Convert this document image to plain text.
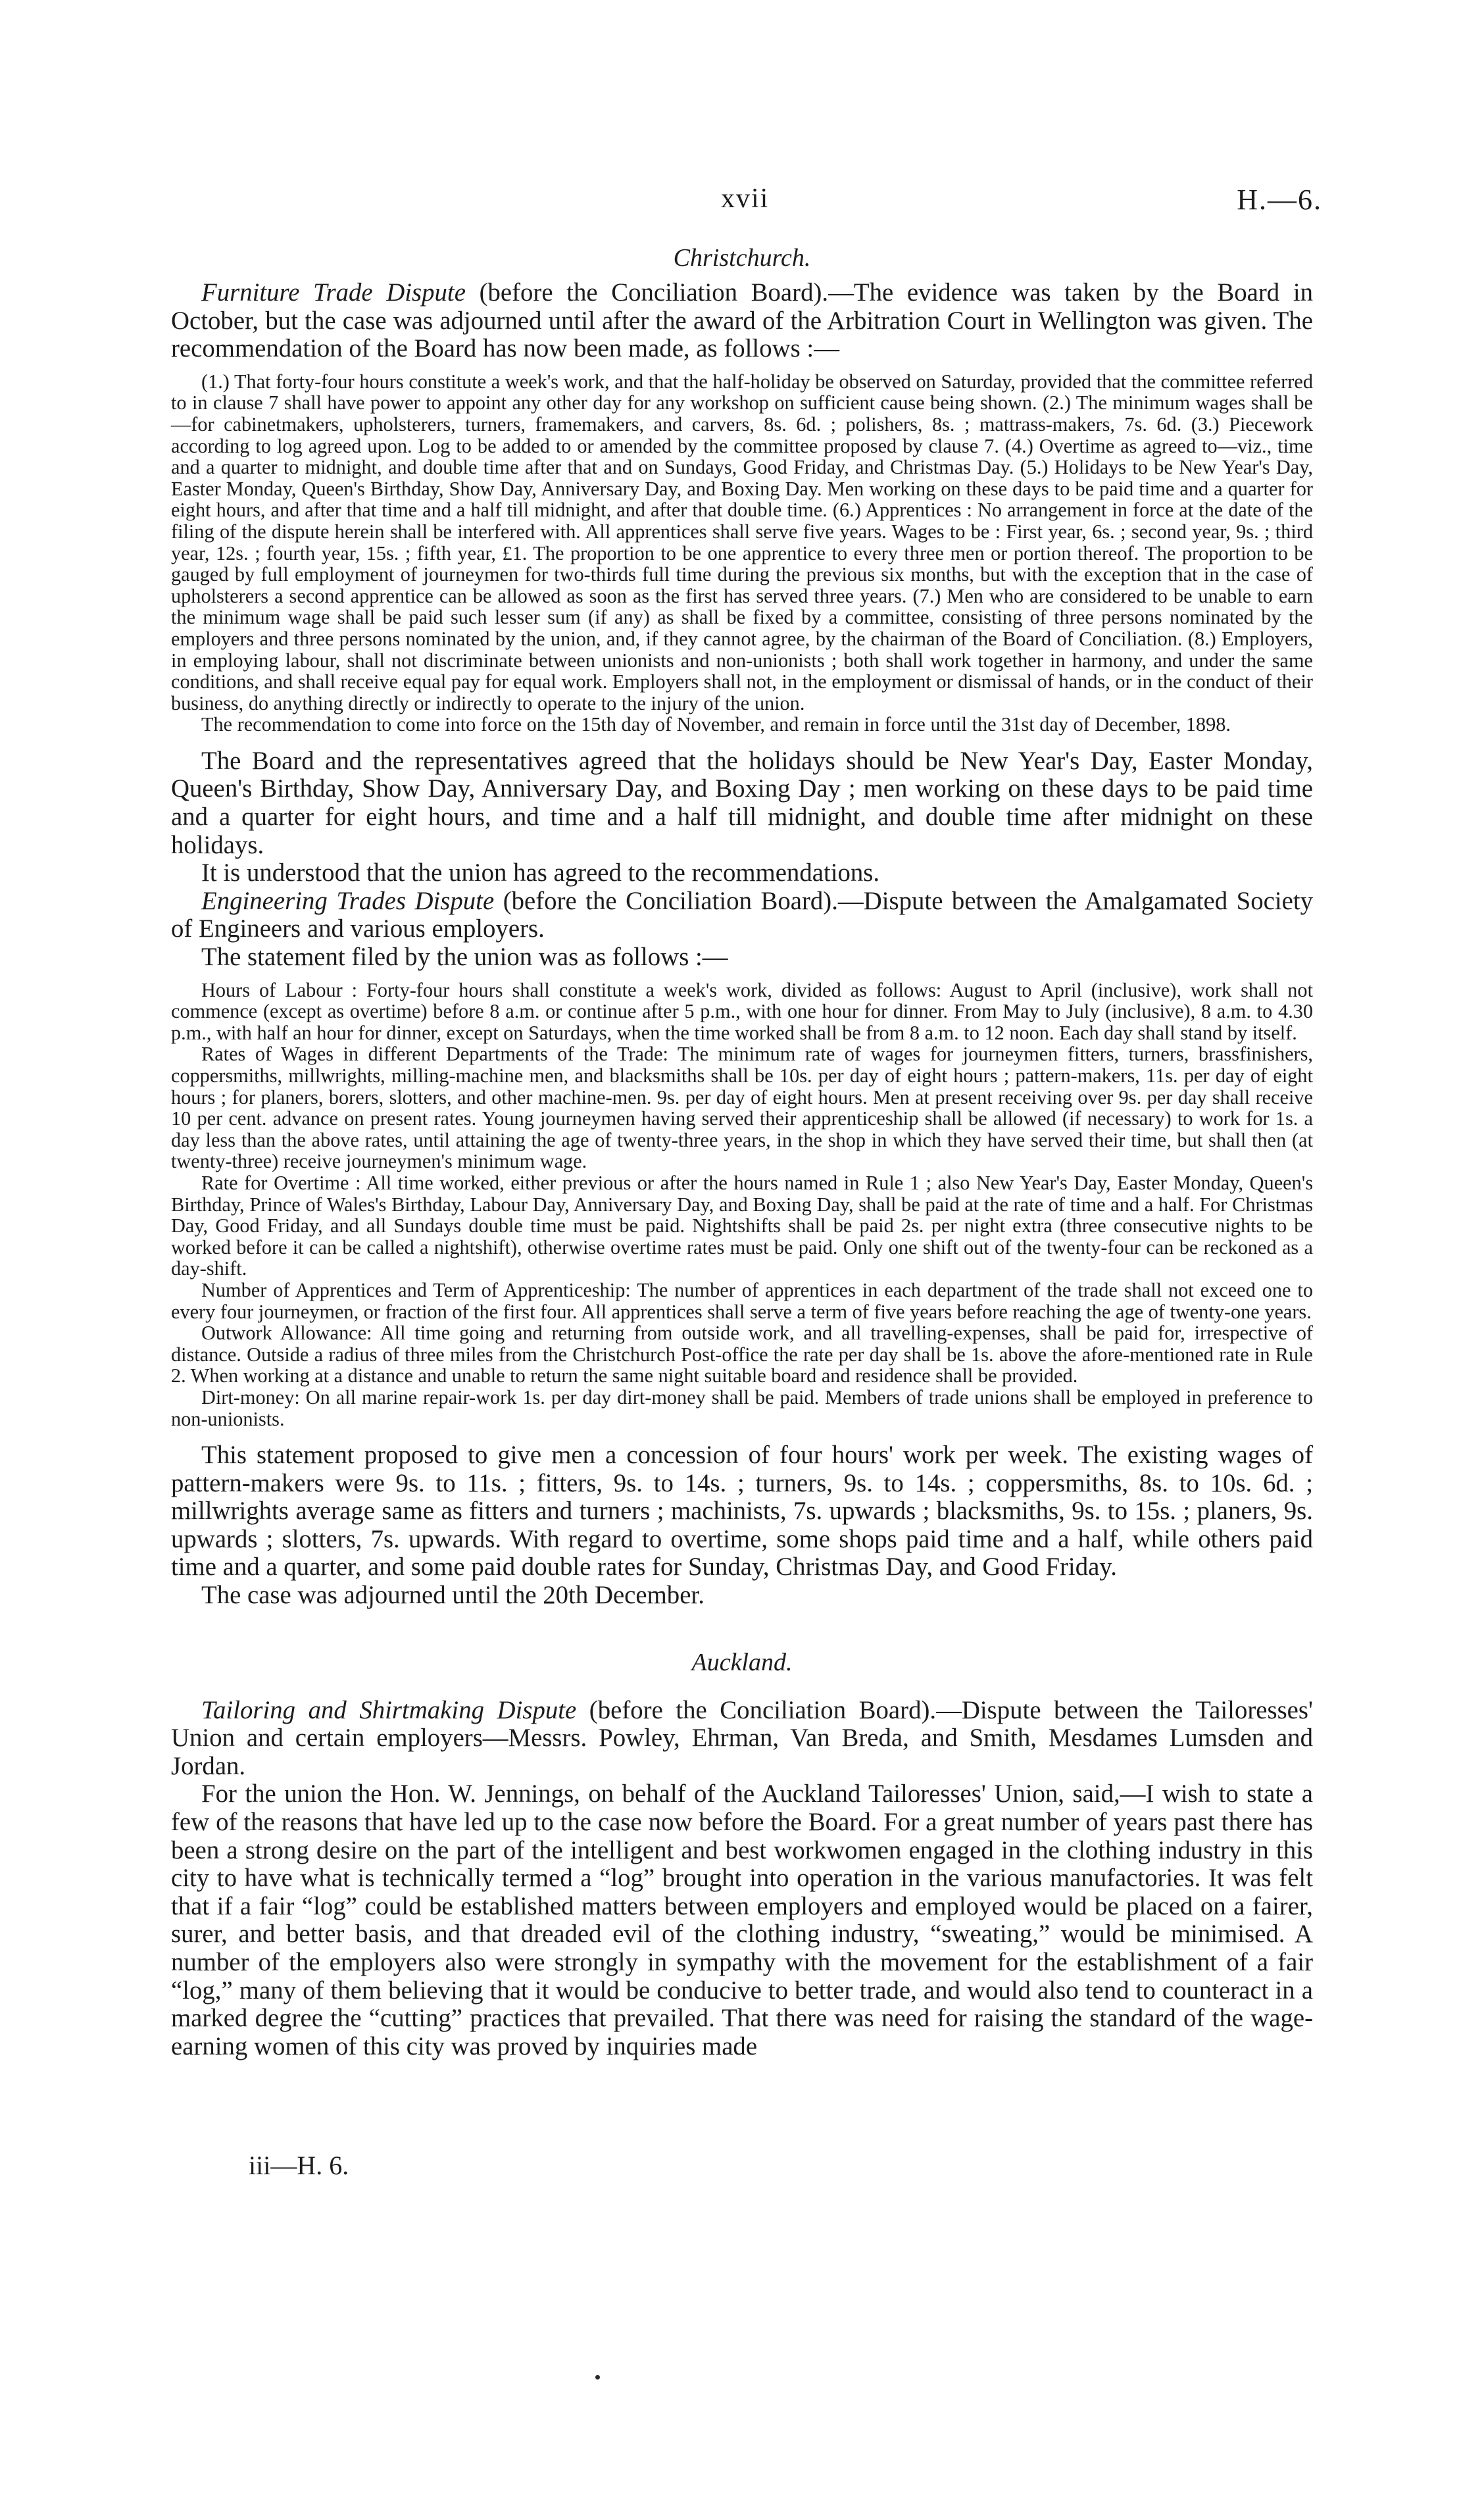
xvii	H.—6.
Christchurch.

Furniture Trade Dispute (before the Conciliation Board).—The evidence was taken by the Board in October, but the case was adjourned until after the award of the Arbitration Court in Wellington was given. The recommendation of the Board has now been made, as follows :—

(1.) That forty-four hours constitute a week's work, and that the half-holiday be observed on Saturday, provided that the committee referred to in clause 7 shall have power to appoint any other day for any workshop on sufficient cause being shown. (2.) The minimum wages shall be—for cabinetmakers, upholsterers, turners, framemakers, and carvers, 8s. 6d. ; polishers, 8s. ; mattrass-makers, 7s. 6d. (3.) Piecework according to log agreed upon. Log to be added to or amended by the committee proposed by clause 7. (4.) Overtime as agreed to—viz., time and a quarter to midnight, and double time after that and on Sundays, Good Friday, and Christmas Day. (5.) Holidays to be New Year's Day, Easter Monday, Queen's Birthday, Show Day, Anniversary Day, and Boxing Day. Men working on these days to be paid time and a quarter for eight hours, and after that time and a half till midnight, and after that double time. (6.) Apprentices : No arrangement in force at the date of the filing of the dispute herein shall be interfered with. All apprentices shall serve five years. Wages to be : First year, 6s. ; second year, 9s. ; third year, 12s. ; fourth year, 15s. ; fifth year, £1. The proportion to be one apprentice to every three men or portion thereof. The proportion to be gauged by full employment of journeymen for two-thirds full time during the previous six months, but with the exception that in the case of upholsterers a second apprentice can be allowed as soon as the first has served three years. (7.) Men who are considered to be unable to earn the minimum wage shall be paid such lesser sum (if any) as shall be fixed by a committee, consisting of three persons nominated by the employers and three persons nominated by the union, and, if they cannot agree, by the chairman of the Board of Conciliation. (8.) Employers, in employing labour, shall not discriminate between unionists and non-unionists ; both shall work together in harmony, and under the same conditions, and shall receive equal pay for equal work. Employers shall not, in the employment or dismissal of hands, or in the conduct of their business, do anything directly or indirectly to operate to the injury of the union.

The recommendation to come into force on the 15th day of November, and remain in force until the 31st day of December, 1898.

The Board and the representatives agreed that the holidays should be New Year's Day, Easter Monday, Queen's Birthday, Show Day, Anniversary Day, and Boxing Day ; men working on these days to be paid time and a quarter for eight hours, and time and a half till midnight, and double time after midnight on these holidays.

It is understood that the union has agreed to the recommendations.

Engineering Trades Dispute (before the Conciliation Board).—Dispute between the Amalgamated Society of Engineers and various employers.

The statement filed by the union was as follows :—

Hours of Labour : Forty-four hours shall constitute a week's work, divided as follows: August to April (inclusive), work shall not commence (except as overtime) before 8 a.m. or continue after 5 p.m., with one hour for dinner. From May to July (inclusive), 8 a.m. to 4.30 p.m., with half an hour for dinner, except on Saturdays, when the time worked shall be from 8 a.m. to 12 noon. Each day shall stand by itself.

Rates of Wages in different Departments of the Trade: The minimum rate of wages for journeymen fitters, turners, brassfinishers, coppersmiths, millwrights, milling-machine men, and blacksmiths shall be 10s. per day of eight hours ; pattern-makers, 11s. per day of eight hours ; for planers, borers, slotters, and other machine-men. 9s. per day of eight hours. Men at present receiving over 9s. per day shall receive 10 per cent. advance on present rates. Young journeymen having served their apprenticeship shall be allowed (if necessary) to work for 1s. a day less than the above rates, until attaining the age of twenty-three years, in the shop in which they have served their time, but shall then (at twenty-three) receive journeymen's minimum wage.

Rate for Overtime : All time worked, either previous or after the hours named in Rule 1 ; also New Year's Day, Easter Monday, Queen's Birthday, Prince of Wales's Birthday, Labour Day, Anniversary Day, and Boxing Day, shall be paid at the rate of time and a half. For Christmas Day, Good Friday, and all Sundays double time must be paid. Nightshifts shall be paid 2s. per night extra (three consecutive nights to be worked before it can be called a nightshift), otherwise overtime rates must be paid. Only one shift out of the twenty-four can be reckoned as a day-shift.

Number of Apprentices and Term of Apprenticeship: The number of apprentices in each department of the trade shall not exceed one to every four journeymen, or fraction of the first four. All apprentices shall serve a term of five years before reaching the age of twenty-one years.

Outwork Allowance: All time going and returning from outside work, and all travelling-expenses, shall be paid for, irrespective of distance. Outside a radius of three miles from the Christchurch Post-office the rate per day shall be 1s. above the afore-mentioned rate in Rule 2. When working at a distance and unable to return the same night suitable board and residence shall be provided.

Dirt-money: On all marine repair-work 1s. per day dirt-money shall be paid. Members of trade unions shall be employed in preference to non-unionists.

This statement proposed to give men a concession of four hours' work per week. The existing wages of pattern-makers were 9s. to 11s. ; fitters, 9s. to 14s. ; turners, 9s. to 14s. ; coppersmiths, 8s. to 10s. 6d. ; millwrights average same as fitters and turners ; machinists, 7s. upwards ; blacksmiths, 9s. to 15s. ; planers, 9s. upwards ; slotters, 7s. upwards. With regard to overtime, some shops paid time and a half, while others paid time and a quarter, and some paid double rates for Sunday, Christmas Day, and Good Friday.

The case was adjourned until the 20th December.

Auckland.

Tailoring and Shirtmaking Dispute (before the Conciliation Board).—Dispute between the Tailoresses' Union and certain employers—Messrs. Powley, Ehrman, Van Breda, and Smith, Mesdames Lumsden and Jordan.

For the union the Hon. W. Jennings, on behalf of the Auckland Tailoresses' Union, said,—I wish to state a few of the reasons that have led up to the case now before the Board. For a great number of years past there has been a strong desire on the part of the intelligent and best workwomen engaged in the clothing industry in this city to have what is technically termed a “log” brought into operation in the various manufactories. It was felt that if a fair “log” could be established matters between employers and employed would be placed on a fairer, surer, and better basis, and that dreaded evil of the clothing industry, “sweating,” would be minimised. A number of the employers also were strongly in sympathy with the movement for the establishment of a fair “log,” many of them believing that it would be conducive to better trade, and would also tend to counteract in a marked degree the “cutting” practices that prevailed. That there was need for raising the standard of the wage-earning women of this city was proved by inquiries made

iii—H. 6.
